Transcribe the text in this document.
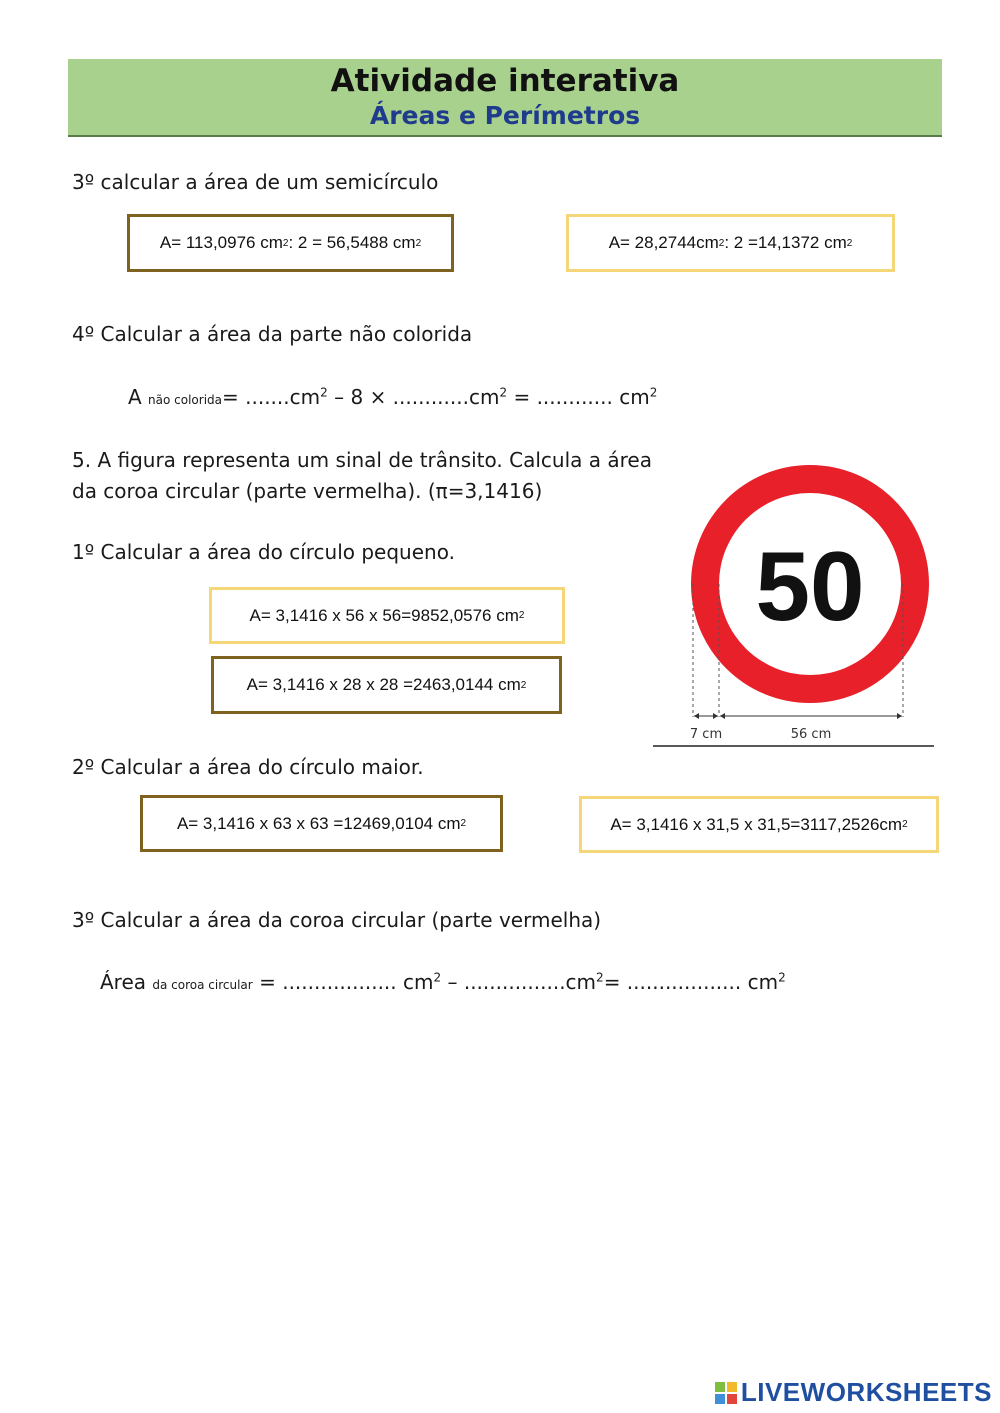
Atividade interativa
Áreas e Perímetros
3º calcular a área de um semicírculo
A= 113,0976 cm 2 : 2 = 56,5488 cm 2	A= 28,2744cm 2 : 2 =14,1372 cm 2
4º Calcular a área da parte não colorida
A não colorida= $.......cm^2 - 8 \times ............cm^2$ = ............ $cm^2$
5. A figura representa um sinal de trânsito. Calcula a área
da coroa circular (parte vermelha). (π=3,1416)
1º Calcular a área do círculo pequeno.
A= 3,1416 x 56 x 56=9852,0576 cm 2
A= 3,1416 x 28 x 28 =2463,0144 cm 2
50
7 cm	56 cm
2º Calcular a área do círculo maior.
A= 3,1416 x 63 x 63 =12469,0104 cm 2	A= 3,1416 x 31,5 x 31,5=3117,2526cm 2
3º Calcular a área da coroa circular (parte vermelha)
Área da coroa circular = .................. $cm^2 - ................cm^2=$ .................. $cm^2$
LIVEWORKSHEETS
